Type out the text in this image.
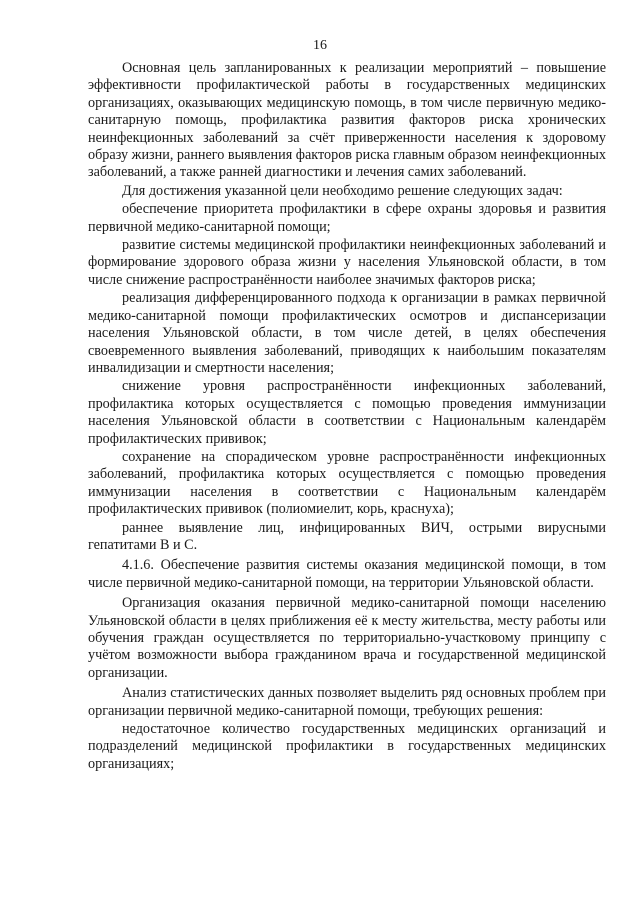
16

Основная цель запланированных к реализации мероприятий – повышение эффективности профилактической работы в государственных медицинских организациях, оказывающих медицинскую помощь, в том числе первичную медико-санитарную помощь, профилактика развития факторов риска хронических неинфекционных заболеваний за счёт приверженности населения к здоровому образу жизни, раннего выявления факторов риска главным образом неинфекционных заболеваний, а также ранней диагностики и лечения самих заболеваний.

Для достижения указанной цели необходимо решение следующих задач:

обеспечение приоритета профилактики в сфере охраны здоровья и развития первичной медико-санитарной помощи;

развитие системы медицинской профилактики неинфекционных заболеваний и формирование здорового образа жизни у населения Ульяновской области, в том числе снижение распространённости наиболее значимых факторов риска;

реализация дифференцированного подхода к организации в рамках первичной медико-санитарной помощи профилактических осмотров и диспансеризации населения Ульяновской области, в том числе детей, в целях обеспечения своевременного выявления заболеваний, приводящих к наибольшим показателям инвалидизации и смертности населения;

снижение уровня распространённости инфекционных заболеваний, профилактика которых осуществляется с помощью проведения иммунизации населения Ульяновской области в соответствии с Национальным календарём профилактических прививок;

сохранение на спорадическом уровне распространённости инфекционных заболеваний, профилактика которых осуществляется с помощью проведения иммунизации населения в соответствии с Национальным календарём профилактических прививок (полиомиелит, корь, краснуха);

раннее выявление лиц, инфицированных ВИЧ, острыми вирусными гепатитами B и C.

4.1.6. Обеспечение развития системы оказания медицинской помощи, в том числе первичной медико-санитарной помощи, на территории Ульяновской области.

Организация оказания первичной медико-санитарной помощи населению Ульяновской области в целях приближения её к месту жительства, месту работы или обучения граждан осуществляется по территориально-участковому принципу с учётом возможности выбора гражданином врача и государственной медицинской организации.

Анализ статистических данных позволяет выделить ряд основных проблем при организации первичной медико-санитарной помощи, требующих решения:

недостаточное количество государственных медицинских организаций и подразделений медицинской профилактики в государственных медицинских организациях;
